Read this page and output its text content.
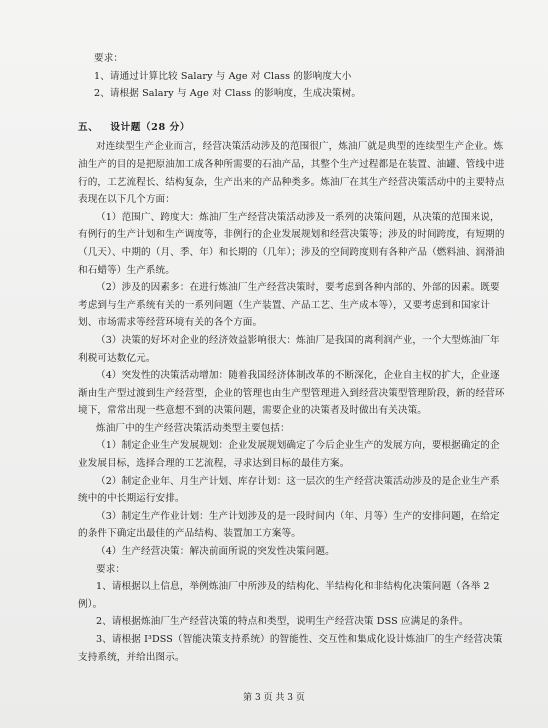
要求：
1、请通过计算比较 Salary 与 Age 对 Class 的影响度大小
2、请根据 Salary 与 Age 对 Class 的影响度，生成决策树。
五、 设计题（28 分）

对连续型生产企业而言，经营决策活动涉及的范围很广，炼油厂就是典型的连续型生产企业。炼油生产的目的是把原油加工成各种所需要的石油产品，其整个生产过程都是在装置、油罐、管线中进行的，工艺流程长、结构复杂，生产出来的产品种类多。炼油厂在其生产经营决策活动中的主要特点表现在以下几个方面：

（1）范围广、跨度大：炼油厂生产经营决策活动涉及一系列的决策问题，从决策的范围来说，有例行的生产计划和生产调度等，非例行的企业发展规划和经营决策等；涉及的时间跨度，有短期的（几天）、中期的（月、季、年）和长期的（几年）；涉及的空间跨度则有各种产品（燃料油、润滑油和石蜡等）生产系统。

（2）涉及的因素多：在进行炼油厂生产经营决策时，要考虑到各种内部的、外部的因素。既要考虑到与生产系统有关的一系列问题（生产装置、产品工艺、生产成本等），又要考虑到和国家计划、市场需求等经营环境有关的各个方面。

（3）决策的好坏对企业的经济效益影响很大：炼油厂是我国的离利润产业，一个大型炼油厂年利税可达数亿元。

（4）突发性的决策活动增加：随着我国经济体制改革的不断深化，企业自主权的扩大，企业逐渐由生产型过渡到生产经营型，企业的管理也由生产型管理进入到经营决策型管理阶段，新的经营环境下，常常出现一些意想不到的决策问题，需要企业的决策者及时做出有关决策。

炼油厂中的生产经营决策活动类型主要包括：

（1）制定企业生产发展规划：企业发展规划确定了今后企业生产的发展方向，要根据确定的企业发展目标，选择合理的工艺流程，寻求达到目标的最佳方案。

（2）制定企业年、月生产计划、库存计划：这一层次的生产经营决策活动涉及的是企业生产系统中的中长期运行安排。

（3）制定生产作业计划：生产计划涉及的是一段时间内（年、月等）生产的安排问题，在给定的条件下确定出最佳的产品结构、装置加工方案等。

（4）生产经营决策：解决前面所说的突发性决策问题。

要求：

1、请根据以上信息，举例炼油厂中所涉及的结构化、半结构化和非结构化决策问题（各举 2 例）。

2、请根据炼油厂生产经营决策的特点和类型，说明生产经营决策 DSS 应满足的条件。

3、请根据 I³DSS（智能决策支持系统）的智能性、交互性和集成化设计炼油厂的生产经营决策支持系统，并给出图示。

第 3 页 共 3 页
